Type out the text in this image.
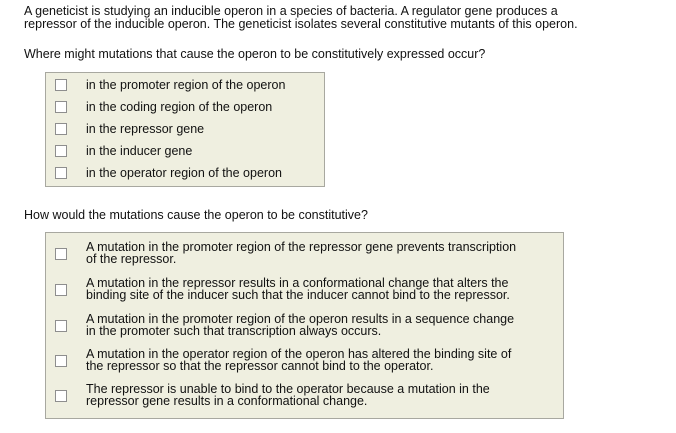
A geneticist is studying an inducible operon in a species of bacteria. A regulator gene produces a
repressor of the inducible operon. The geneticist isolates several constitutive mutants of this operon.

Where might mutations that cause the operon to be constitutively expressed occur?

in the promoter region of the operon
in the coding region of the operon
in the repressor gene
in the inducer gene
in the operator region of the operon

How would the mutations cause the operon to be constitutive?

A mutation in the promoter region of the repressor gene prevents transcription
of the repressor.
A mutation in the repressor results in a conformational change that alters the
binding site of the inducer such that the inducer cannot bind to the repressor.
A mutation in the promoter region of the operon results in a sequence change
in the promoter such that transcription always occurs.
A mutation in the operator region of the operon has altered the binding site of
the repressor so that the repressor cannot bind to the operator.
The repressor is unable to bind to the operator because a mutation in the
repressor gene results in a conformational change.
